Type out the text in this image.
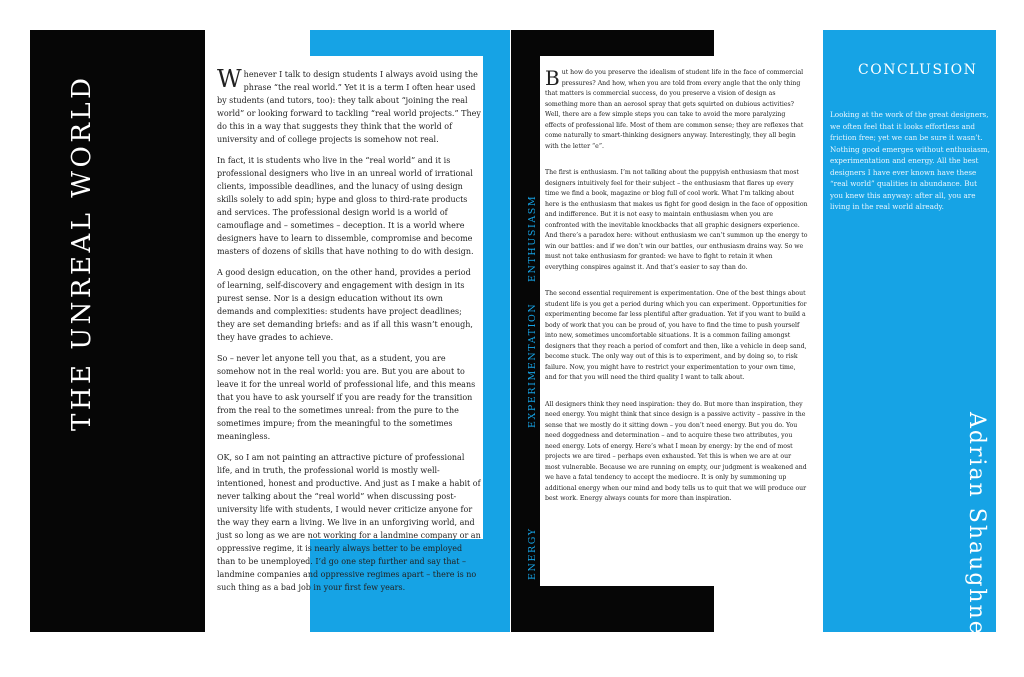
THE UNREAL WORLD	Whenever I talk to design students I always avoid using the phrase “the real world.” Yet it is a term I often hear used by students (and tutors, too): they talk about “joining the real world” or looking forward to tackling “real world projects.” They do this in a way that suggests they think that the world of university and of college projects is somehow not real.

In fact, it is students who live in the “real world” and it is professional designers who live in an unreal world of irrational clients, impossible deadlines, and the lunacy of using design skills solely to add spin; hype and gloss to third-rate products and services. The professional design world is a world of camouflage and – sometimes – deception. It is a world where designers have to learn to dissemble, compromise and become masters of dozens of skills that have nothing to do with design.

A good design education, on the other hand, provides a period of learning, self-discovery and engagement with design in its purest sense. Nor is a design education without its own demands and complexities: students have project deadlines; they are set demanding briefs: and as if all this wasn’t enough, they have grades to achieve.

So – never let anyone tell you that, as a student, you are somehow not in the real world: you are. But you are about to leave it for the unreal world of professional life, and this means that you have to ask yourself if you are ready for the transition from the real to the sometimes unreal: from the pure to the sometimes impure; from the meaningful to the sometimes meaningless.

OK, so I am not painting an attractive picture of professional life, and in truth, the professional world is mostly well-intentioned, honest and productive. And just as I make a habit of never talking about the “real world” when discussing post-university life with students, I would never criticize anyone for the way they earn a living. We live in an unforgiving world, and just so long as we are not working for a landmine company or an oppressive regime, it is nearly always better to be employed than to be unemployed. I’d go one step further and say that – landmine companies and oppressive regimes apart – there is no such thing as a bad job in your first few years.

ENTHUSIASM
EXPERIMENTATION
ENERGY

But how do you preserve the idealism of student life in the face of commercial pressures? And how, when you are told from every angle that the only thing that matters is commercial success, do you preserve a vision of design as something more than an aerosol spray that gets squirted on dubious activities? Well, there are a few simple steps you can take to avoid the more paralyzing effects of professional life. Most of them are common sense; they are reflexes that come naturally to smart-thinking designers anyway. Interestingly, they all begin with the letter “e”.

The first is enthusiasm. I’m not talking about the puppyish enthusiasm that most designers intuitively feel for their subject – the enthusiasm that flares up every time we find a book, magazine or blog full of cool work. What I’m talking about here is the enthusiasm that makes us fight for good design in the face of opposition and indifference. But it is not easy to maintain enthusiasm when you are confronted with the inevitable knockbacks that all graphic designers experience. And there’s a paradox here: without enthusiasm we can’t summon up the energy to win our battles: and if we don’t win our battles, our enthusiasm drains way. So we must not take enthusiasm for granted: we have to fight to retain it when everything conspires against it. And that’s easier to say than do.

The second essential requirement is experimentation. One of the best things about student life is you get a period during which you can experiment. Opportunities for experimenting become far less plentiful after graduation. Yet if you want to build a body of work that you can be proud of, you have to find the time to push yourself into new, sometimes uncomfortable situations. It is a common failing amongst designers that they reach a period of comfort and then, like a vehicle in deep sand, become stuck. The only way out of this is to experiment, and by doing so, to risk failure. Now, you might have to restrict your experimentation to your own time, and for that you will need the third quality I want to talk about.

All designers think they need inspiration: they do. But more than inspiration, they need energy. You might think that since design is a passive activity – passive in the sense that we mostly do it sitting down – you don’t need energy. But you do. You need doggedness and determination – and to acquire these two attributes, you need energy. Lots of energy. Here’s what I mean by energy: by the end of most projects we are tired – perhaps even exhausted. Yet this is when we are at our most vulnerable. Because we are running on empty, our judgment is weakened and we have a fatal tendency to accept the mediocre. It is only by summoning up additional energy when our mind and body tells us to quit that we will produce our best work. Energy always counts for more than inspiration.

CONCLUSION

Looking at the work of the great designers, we often feel that it looks effortless and friction free; yet we can be sure it wasn’t. Nothing good emerges without enthusiasm, experimentation and energy. All the best designers I have ever known have these “real world” qualities in abundance. But you knew this anyway: after all, you are living in the real world already.

Adrian Shaughnessy
